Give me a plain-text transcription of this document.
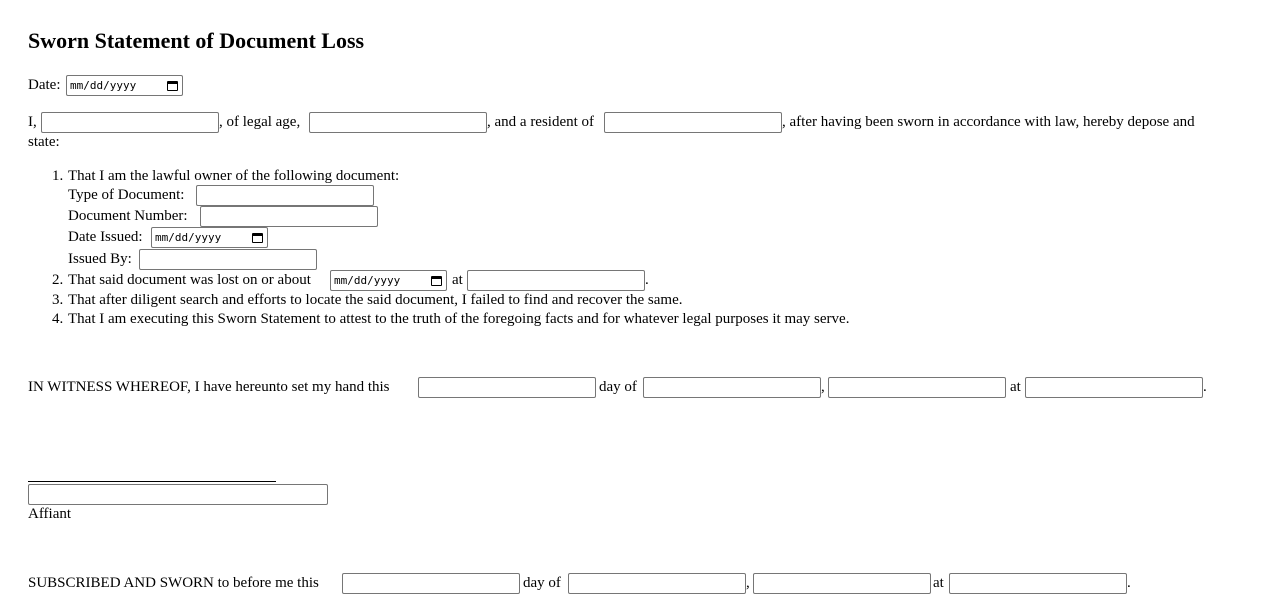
Sworn Statement of Document Loss
Date: mm/dd/yyyy
I,	, of legal age,	, and a resident of	, after having been sworn in accordance with law, hereby depose and
state:
1. That I am the lawful owner of the following document:
Type of Document:
Document Number:
Date Issued: mm/dd/yyyy
Issued By:
2. That said document was lost on or about mm/dd/yyyy	at	.
3. That after diligent search and efforts to locate the said document, I failed to find and recover the same.
4. That I am executing this Sworn Statement to attest to the truth of the foregoing facts and for whatever legal purposes it may serve.
IN WITNESS WHEREOF, I have hereunto set my hand this	day of	,	at	.
Affiant
SUBSCRIBED AND SWORN to before me this	day of	,	at	.
